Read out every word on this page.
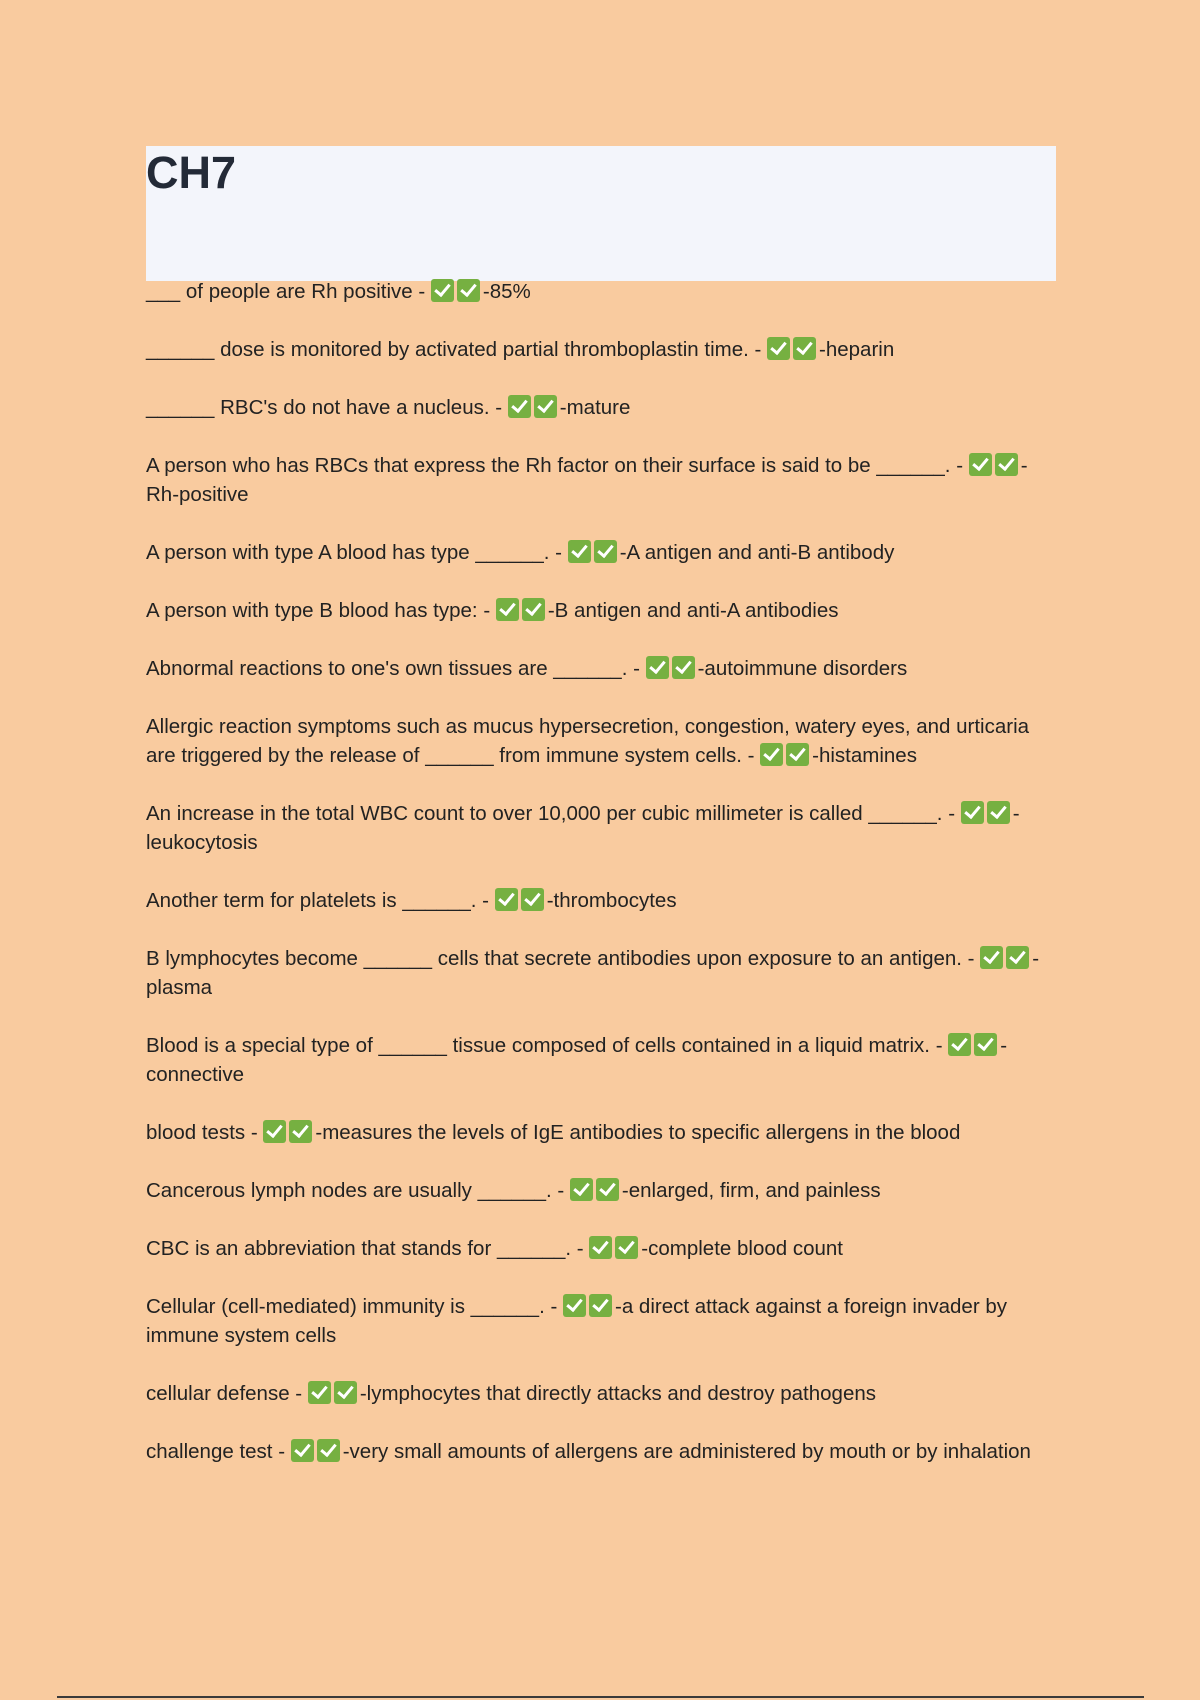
CH7

___ of people are Rh positive -	-85%

______ dose is monitored by activated partial thromboplastin time. -	-heparin

______ RBC's do not have a nucleus. -	-mature

A person who has RBCs that express the Rh factor on their surface is said to be ______. -	-Rh-positive

A person with type A blood has type ______. -	-A antigen and anti-B antibody

A person with type B blood has type: -	-B antigen and anti-A antibodies

Abnormal reactions to one's own tissues are ______. -	-autoimmune disorders

Allergic reaction symptoms such as mucus hypersecretion, congestion, watery eyes, and urticaria are triggered by the release of ______ from immune system cells. -	-histamines

An increase in the total WBC count to over 10,000 per cubic millimeter is called ______. -	-leukocytosis

Another term for platelets is ______. -	-thrombocytes

B lymphocytes become ______ cells that secrete antibodies upon exposure to an antigen. -	-plasma

Blood is a special type of ______ tissue composed of cells contained in a liquid matrix. -	-connective

blood tests -	-measures the levels of IgE antibodies to specific allergens in the blood

Cancerous lymph nodes are usually ______. -	-enlarged, firm, and painless

CBC is an abbreviation that stands for ______. -	-complete blood count

Cellular (cell-mediated) immunity is ______. -	-a direct attack against a foreign invader by immune system cells

cellular defense -	-lymphocytes that directly attacks and destroy pathogens

challenge test -	-very small amounts of allergens are administered by mouth or by inhalation
